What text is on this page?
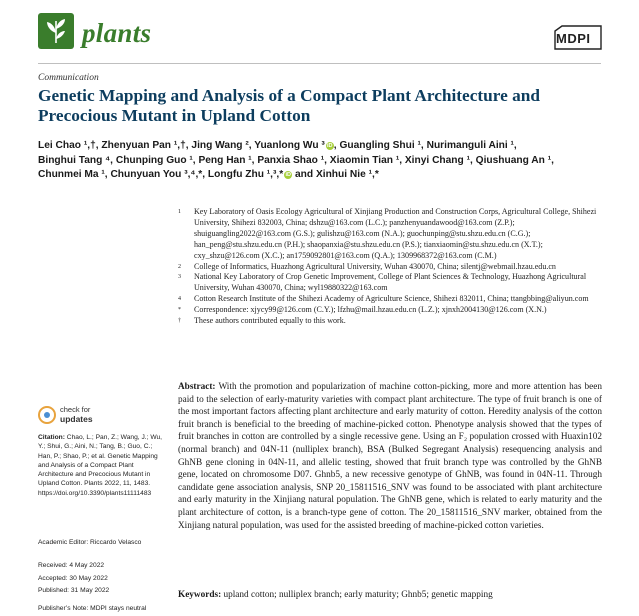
plants	MDPI
Communication
Genetic Mapping and Analysis of a Compact Plant Architecture and Precocious Mutant in Upland Cotton
Lei Chao ¹,†, Zhenyuan Pan ¹,†, Jing Wang ², Yuanlong Wu ³ iD, Guangling Shui ¹, Nurimanguli Aini ¹,
Binghui Tang ⁴, Chunping Guo ¹, Peng Han ¹, Panxia Shao ¹, Xiaomin Tian ¹, Xinyi Chang ¹, Qiushuang An ¹,
Chunmei Ma ¹, Chunyuan You ³,⁴,*, Longfu Zhu ¹,³,* iD and Xinhui Nie ¹,*

1 Key Laboratory of Oasis Ecology Agricultural of Xinjiang Production and Construction Corps, Agricultural College, Shihezi University, Shihezi 832003, China; dshzu@163.com (L.C.); panzhenyuandawood@163.com (Z.P.); shuiguangling2022@163.com (G.S.); gulishzu@163.com (N.A.); guochunping@stu.shzu.edu.cn (C.G.); han_peng@stu.shzu.edu.cn (P.H.); shaopanxia@stu.shzu.edu.cn (P.S.); tianxiaomin@stu.shzu.edu.cn (X.T.); cxy_shzu@126.com (X.C.); an1759092801@163.com (Q.A.); 1309968372@163.com (C.M.)

2 College of Informatics, Huazhong Agricultural University, Wuhan 430070, China; silentj@webmail.hzau.edu.cn

3 National Key Laboratory of Crop Genetic Improvement, College of Plant Sciences & Technology, Huazhong Agricultural University, Wuhan 430070, China; wyl19880322@163.com

4 Cotton Research Institute of the Shihezi Academy of Agriculture Science, Shihezi 832011, China; ttangbbing@aliyun.com

* Correspondence: xjycy99@126.com (C.Y.); lfzhu@mail.hzau.edu.cn (L.Z.); xjnxh2004130@126.com (X.N.)

† These authors contributed equally to this work.

Abstract: With the promotion and popularization of machine cotton-picking, more and more attention has been paid to the selection of early-maturity varieties with compact plant architecture. The type of fruit branch is one of the most important factors affecting plant architecture and early maturity of cotton. Heredity analysis of the cotton fruit branch is beneficial to the breeding of machine-picked cotton. Phenotype analysis showed that the types of fruit branches in cotton are controlled by a single recessive gene. Using an F₂ population crossed with Huaxin102 (normal branch) and 04N-11 (nulliplex branch), BSA (Bulked Segregant Analysis) resequencing analysis and GhNB gene cloning in 04N-11, and allelic testing, showed that fruit branch type was controlled by the GhNB gene, located on chromosome D07. Ghnb5, a new recessive genotype of GhNB, was found in 04N-11. Through candidate gene association analysis, SNP 20_15811516_SNV was found to be associated with plant architecture and early maturity in the Xinjiang natural population. The GhNB gene, which is related to early maturity and the plant architecture of cotton, is a branch-type gene of cotton. The 20_15811516_SNV marker, obtained from the Xinjiang natural population, was used for the assisted breeding of machine-picked cotton varieties.
Keywords: upland cotton; nulliplex branch; early maturity; Ghnb5; genetic mapping
check for
updates
Citation: Chao, L.; Pan, Z.; Wang, J.; Wu, Y.; Shui, G.; Aini, N.; Tang, B.; Guo, C.; Han, P.; Shao, P.; et al. Genetic Mapping and Analysis of a Compact Plant Architecture and Precocious Mutant in Upland Cotton. Plants 2022, 11, 1483. https://doi.org/10.3390/plants11111483
Academic Editor: Riccardo Velasco
Received: 4 May 2022
Accepted: 30 May 2022
Published: 31 May 2022
Publisher’s Note: MDPI stays neutral
